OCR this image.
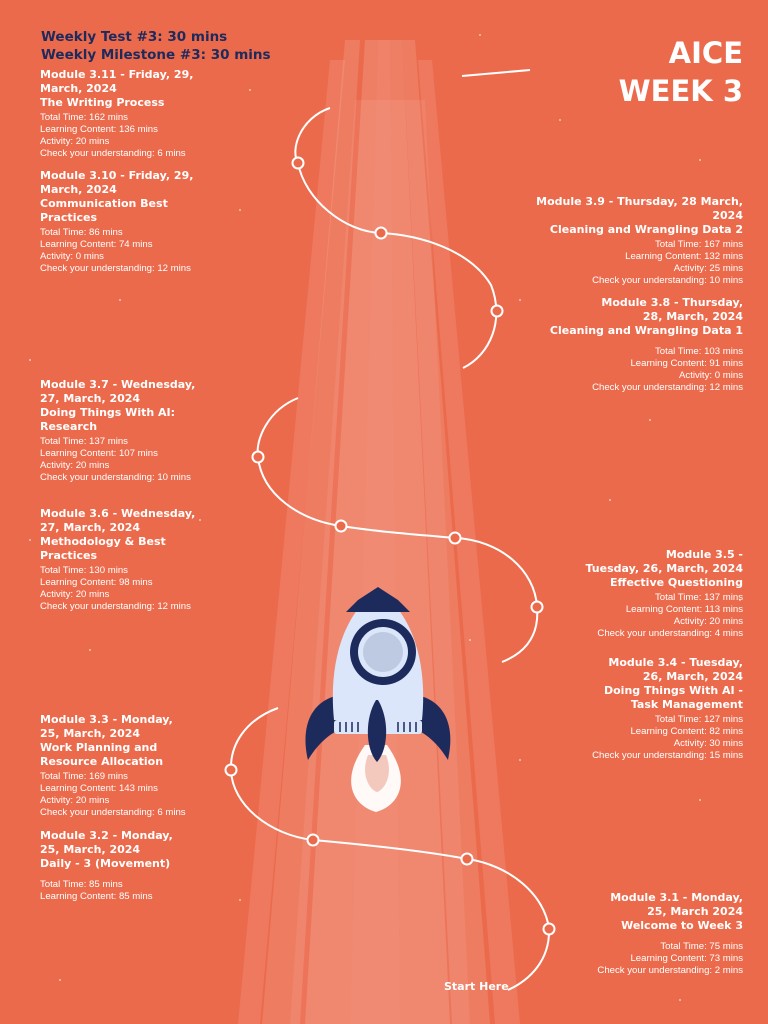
Weekly Test #3: 30 mins
Weekly Milestone #3: 30 mins	AICE
WEEK 3
Module 3.11 - Friday, 29,
March, 2024
The Writing Process
Total Time: 162 mins
Learning Content: 136 mins
Activity: 20 mins
Check your understanding: 6 mins
Module 3.10 - Friday, 29,
March, 2024
Communication Best
Practices
Total Time: 86 mins
Learning Content: 74 mins
Activity: 0 mins
Check your understanding: 12 mins
Module 3.9 - Thursday, 28 March,
2024
Cleaning and Wrangling Data 2
Total Time: 167 mins
Learning Content: 132 mins
Activity: 25 mins
Check your understanding: 10 mins
Module 3.8 - Thursday,
28, March, 2024
Cleaning and Wrangling Data 1
Total Time: 103 mins
Learning Content: 91 mins
Activity: 0 mins
Check your understanding: 12 mins
Module 3.7 - Wednesday,
27, March, 2024
Doing Things With AI:
Research
Total Time: 137 mins
Learning Content: 107 mins
Activity: 20 mins
Check your understanding: 10 mins
Module 3.6 - Wednesday,
27, March, 2024
Methodology & Best
Practices
Total Time: 130 mins
Learning Content: 98 mins
Activity: 20 mins
Check your understanding: 12 mins
Module 3.5 -
Tuesday, 26, March, 2024
Effective Questioning
Total Time: 137 mins
Learning Content: 113 mins
Activity: 20 mins
Check your understanding: 4 mins
Module 3.4 - Tuesday,
26, March, 2024
Doing Things With AI -
Task Management
Total Time: 127 mins
Learning Content: 82 mins
Activity: 30 mins
Check your understanding: 15 mins
Module 3.3 - Monday,
25, March, 2024
Work Planning and
Resource Allocation
Total Time: 169 mins
Learning Content: 143 mins
Activity: 20 mins
Check your understanding: 6 mins
Module 3.2 - Monday,
25, March, 2024
Daily - 3 (Movement)
Total Time: 85 mins
Learning Content: 85 mins	Module 3.1 - Monday,
25, March 2024
Welcome to Week 3
Total Time: 75 mins
Learning Content: 73 mins
Check your understanding: 2 mins
Start Here
